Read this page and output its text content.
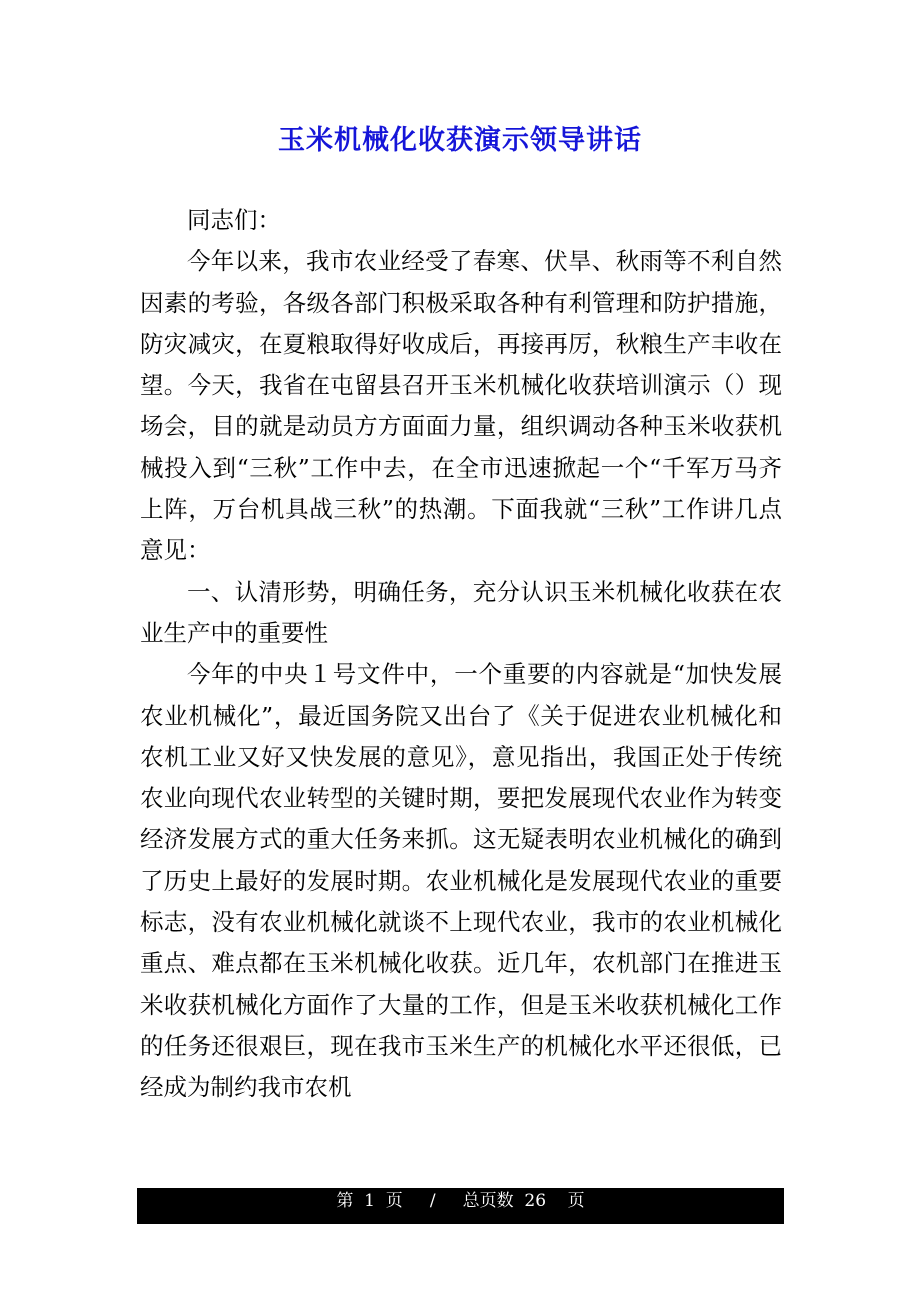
玉米机械化收获演示领导讲话

同志们：

今年以来，我市农业经受了春寒、伏旱、秋雨等不利自然因素的考验，各级各部门积极采取各种有利管理和防护措施，防灾减灾，在夏粮取得好收成后，再接再厉，秋粮生产丰收在望。今天，我省在屯留县召开玉米机械化收获培训演示（）现场会，目的就是动员方方面面力量，组织调动各种玉米收获机械投入到“三秋”工作中去，在全市迅速掀起一个“千军万马齐上阵，万台机具战三秋”的热潮。下面我就“三秋”工作讲几点意见：

一、认清形势，明确任务，充分认识玉米机械化收获在农业生产中的重要性

今年的中央１号文件中，一个重要的内容就是“加快发展农业机械化”，最近国务院又出台了《关于促进农业机械化和农机工业又好又快发展的意见》，意见指出，我国正处于传统农业向现代农业转型的关键时期，要把发展现代农业作为转变经济发展方式的重大任务来抓。这无疑表明农业机械化的确到了历史上最好的发展时期。农业机械化是发展现代农业的重要标志，没有农业机械化就谈不上现代农业，我市的农业机械化重点、难点都在玉米机械化收获。近几年，农机部门在推进玉米收获机械化方面作了大量的工作，但是玉米收获机械化工作的任务还很艰巨，现在我市玉米生产的机械化水平还很低，已经成为制约我市农机

第 1 页 / 总页数 26 页
